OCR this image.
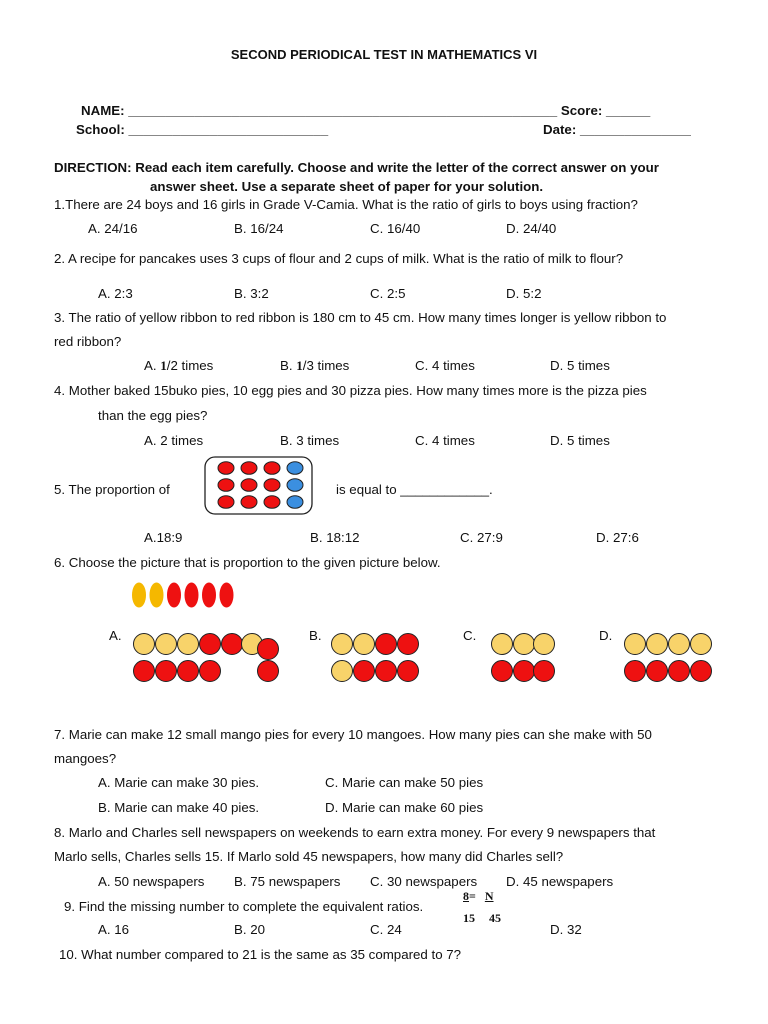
SECOND PERIODICAL TEST IN MATHEMATICS VI
NAME: __________________________________________________________ Score: ______
School: ___________________________	Date: _______________
DIRECTION: Read each item carefully. Choose and write the letter of the correct answer on your
answer sheet. Use a separate sheet of paper for your solution.
1.There are 24 boys and 16 girls in Grade V-Camia. What is the ratio of girls to boys using fraction?
A. 24/16	B. 16/24	C. 16/40	D. 24/40
2. A recipe for pancakes uses 3 cups of flour and 2 cups of milk. What is the ratio of milk to flour?
A. 2:3	B. 3:2	C. 2:5	D. 5:2
3. The ratio of yellow ribbon to red ribbon is 180 cm to 45 cm. How many times longer is yellow ribbon to
red ribbon?
A. 1/2 times	B. 1/3 times	C. 4 times	D. 5 times
4. Mother baked 15buko pies, 10 egg pies and 30 pizza pies. How many times more is the pizza pies
than the egg pies?
A. 2 times	B. 3 times	C. 4 times	D. 5 times
5. The proportion of	is equal to ____________.
A.18:9	B. 18:12	C. 27:9	D. 27:6
6. Choose the picture that is proportion to the given picture below.
A.	B.	C.	D.
7. Marie can make 12 small mango pies for every 10 mangoes. How many pies can she make with 50
mangoes?
A. Marie can make 30 pies.	C. Marie can make 50 pies
B. Marie can make 40 pies.	D. Marie can make 60 pies
8. Marlo and Charles sell newspapers on weekends to earn extra money. For every 9 newspapers that
Marlo sells, Charles sells 15. If Marlo sold 45 newspapers, how many did Charles sell?
A. 50 newspapers B. 75 newspapers C. 30 newspapers D. 45 newspapers
9. Find the missing number to complete the equivalent ratios.
8= N
15 45
A. 16	B. 20	C. 24	D. 32
10. What number compared to 21 is the same as 35 compared to 7?
